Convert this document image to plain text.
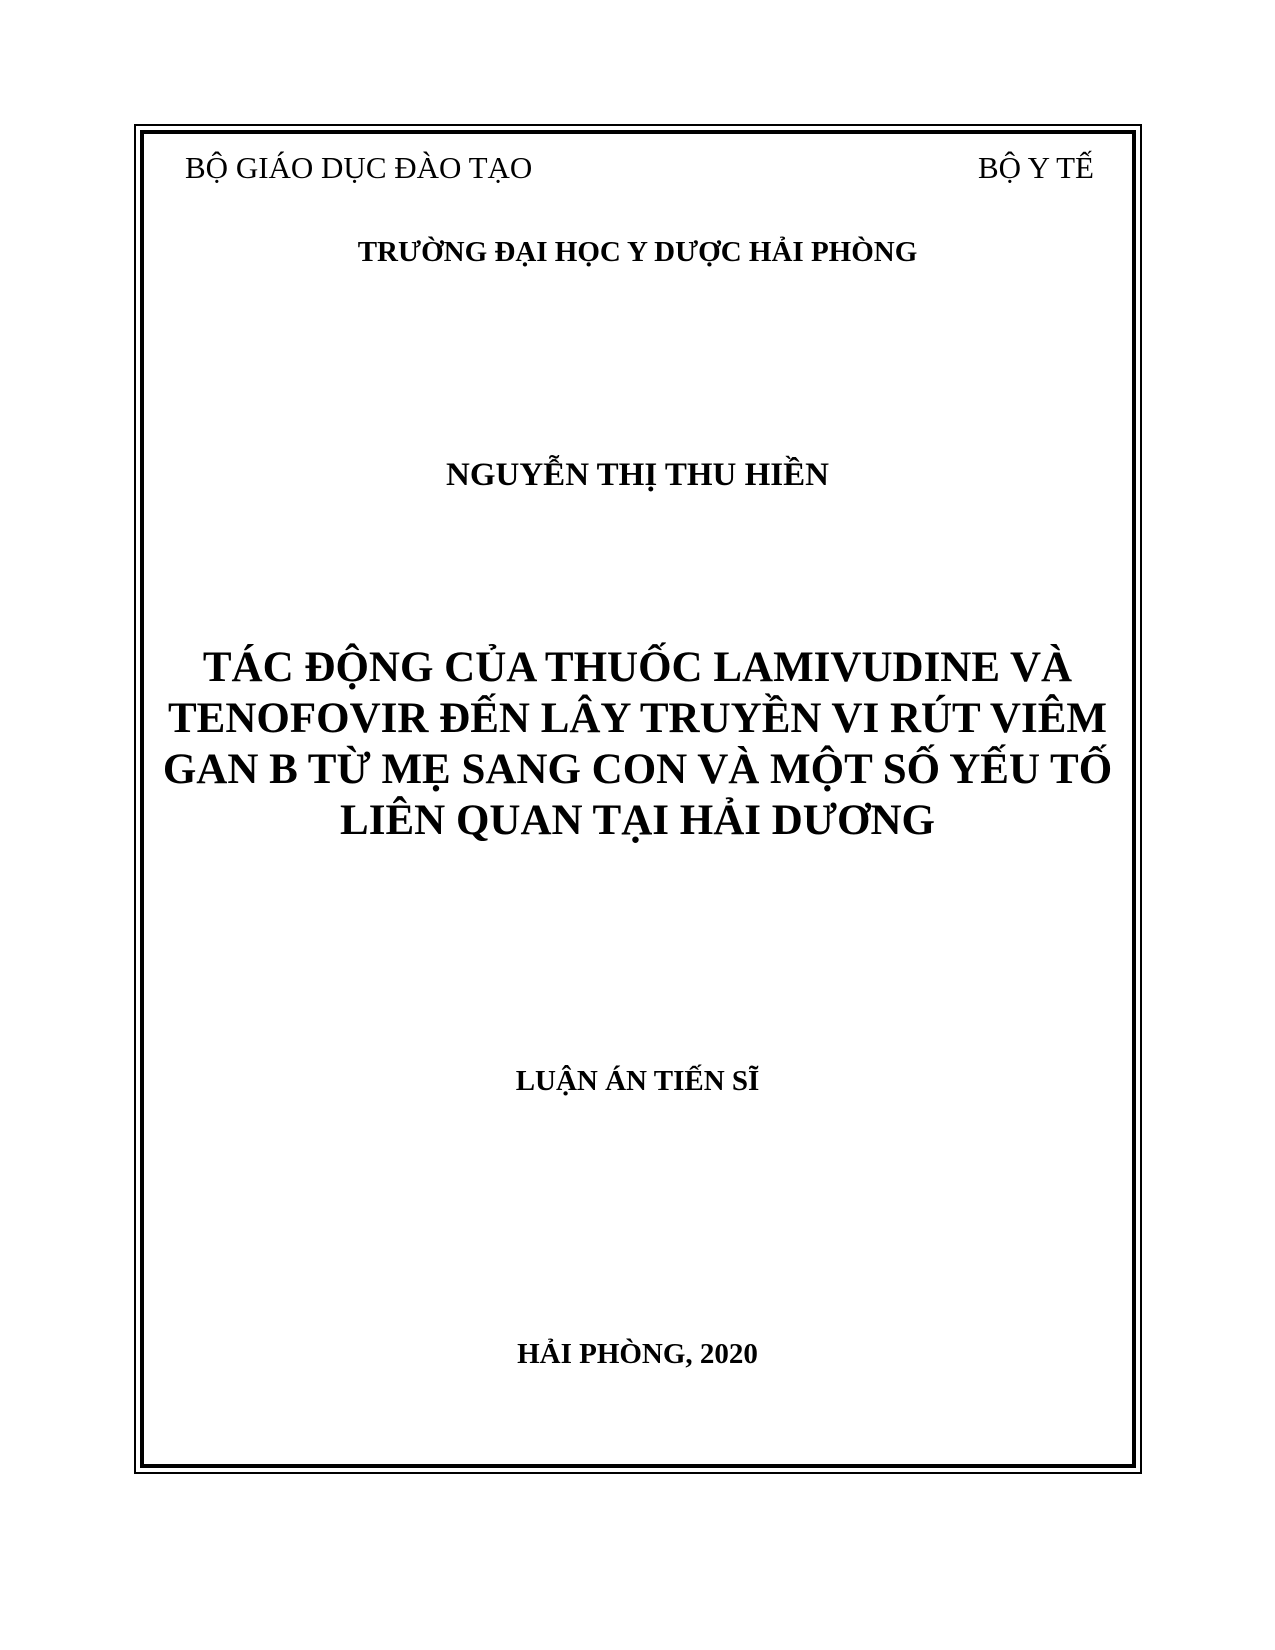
BỘ GIÁO DỤC ĐÀO TẠO	BỘ Y TẾ
TRƯỜNG ĐẠI HỌC Y DƯỢC HẢI PHÒNG
NGUYỄN THỊ THU HIỀN
TÁC ĐỘNG CỦA THUỐC LAMIVUDINE VÀ
TENOFOVIR ĐẾN LÂY TRUYỀN VI RÚT VIÊM
GAN B TỪ MẸ SANG CON VÀ MỘT SỐ YẾU TỐ
LIÊN QUAN TẠI HẢI DƯƠNG
LUẬN ÁN TIẾN SĨ
HẢI PHÒNG, 2020
